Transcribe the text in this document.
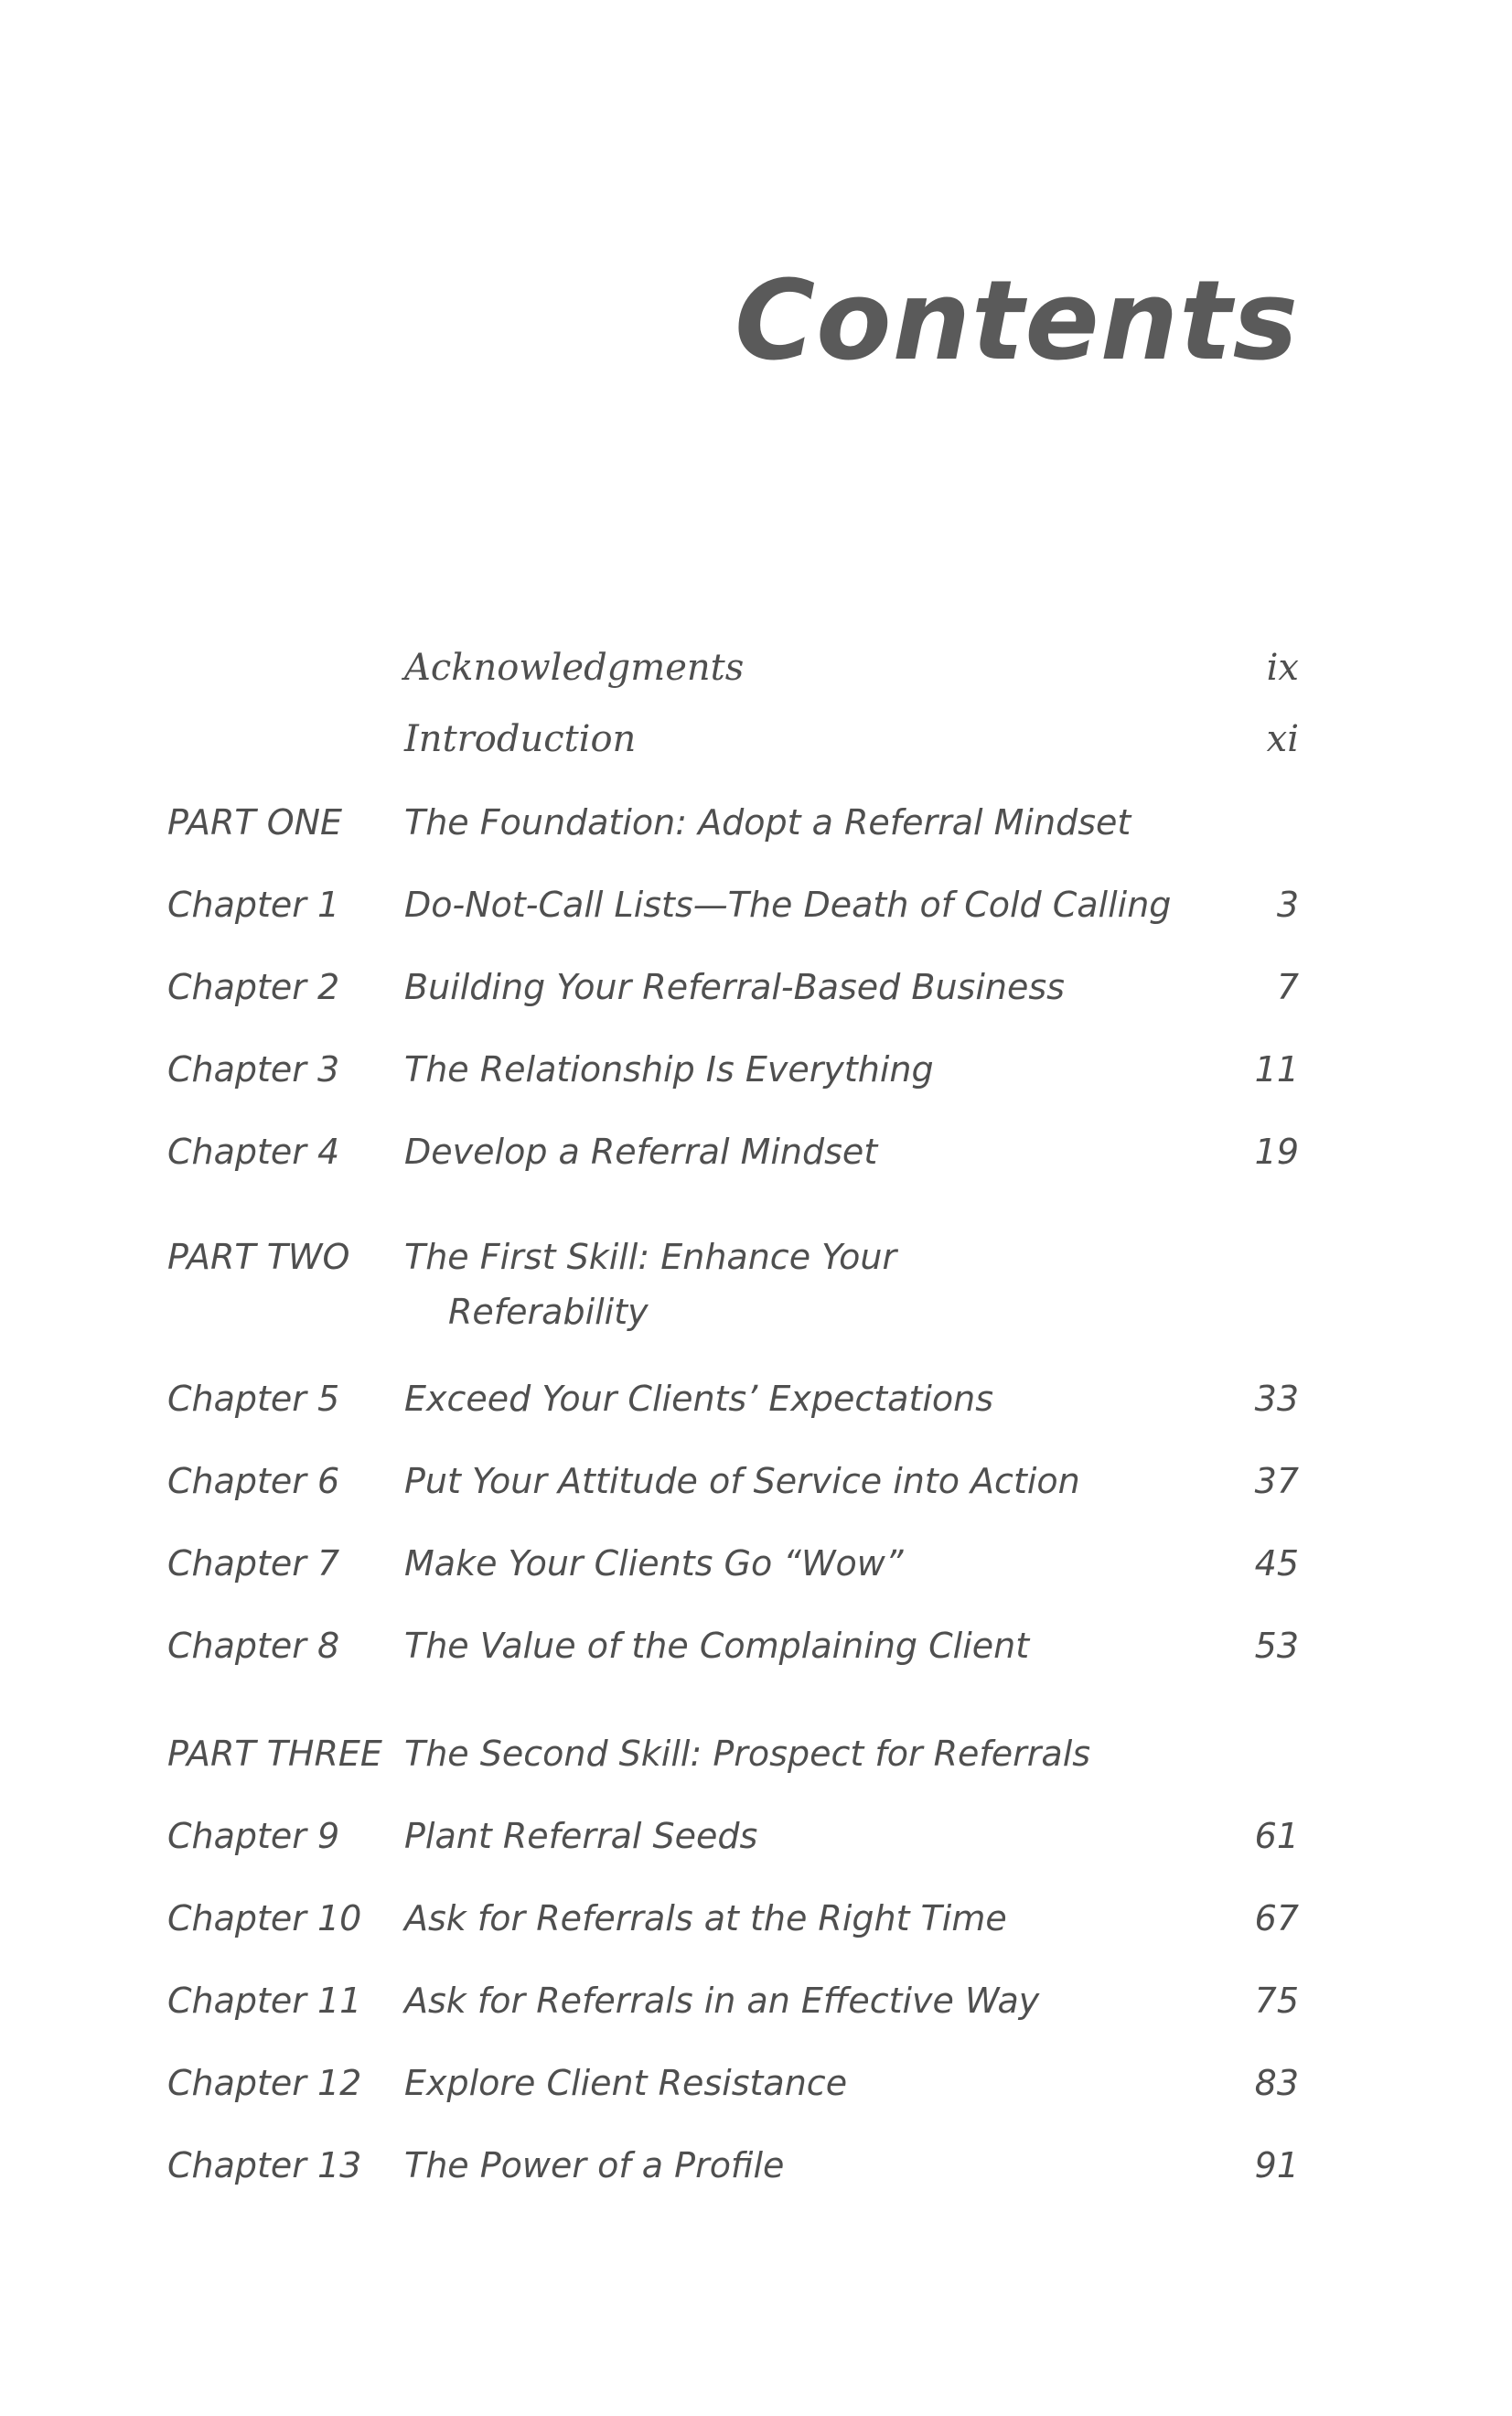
Contents
Acknowledgments	ix
Introduction	xi
PART ONE The Foundation: Adopt a Referral Mindset
Chapter 1 Do-Not-Call Lists—The Death of Cold Calling	3
Chapter 2 Building Your Referral-Based Business	7
Chapter 3 The Relationship Is Everything	11
Chapter 4 Develop a Referral Mindset	19
PART TWO The First Skill: Enhance Your
Referability
Chapter 5 Exceed Your Clients’ Expectations	33
Chapter 6 Put Your Attitude of Service into Action	37
Chapter 7 Make Your Clients Go “Wow”	45
Chapter 8 The Value of the Complaining Client	53
PART THREE The Second Skill: Prospect for Referrals
Chapter 9 Plant Referral Seeds	61
Chapter 10 Ask for Referrals at the Right Time	67
Chapter 11 Ask for Referrals in an Effective Way	75
Chapter 12 Explore Client Resistance	83
Chapter 13 The Power of a Profile	91
